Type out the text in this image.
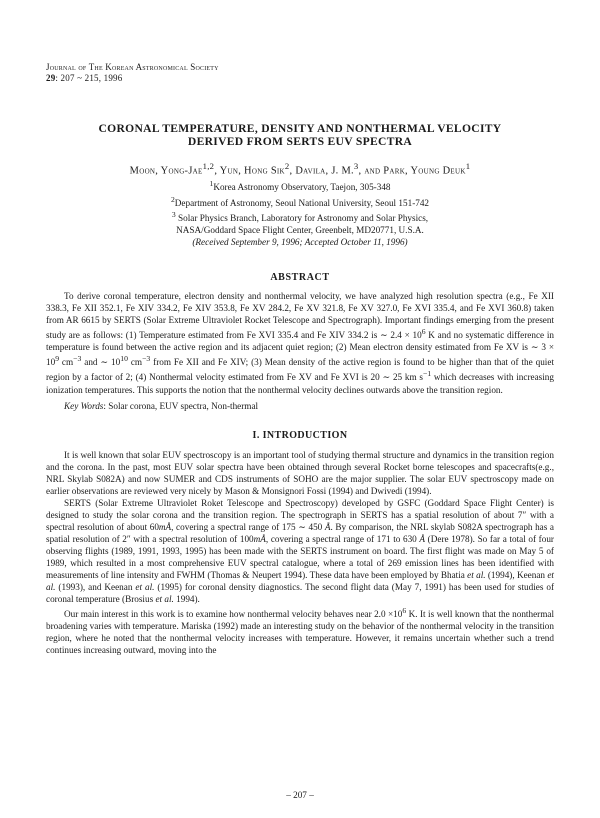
Journal of The Korean Astronomical Society
29: 207 ~ 215, 1996
CORONAL TEMPERATURE, DENSITY AND NONTHERMAL VELOCITY
DERIVED FROM SERTS EUV SPECTRA
Moon, Yong-Jae$^{1,2}$, Yun, Hong Sik$^2$, Davila, J. M.$^3$, and Park, Young Deuk$^1$
$^1$Korea Astronomy Observatory, Taejon, 305-348
$^2$Department of Astronomy, Seoul National University, Seoul 151-742
$^3$ Solar Physics Branch, Laboratory for Astronomy and Solar Physics,
NASA/Goddard Space Flight Center, Greenbelt, MD20771, U.S.A.
(Received September 9, 1996; Accepted October 11, 1996)
ABSTRACT
To derive coronal temperature, electron density and nonthermal velocity, we have analyzed high resolution spectra (e.g., Fe XII 338.3, Fe XII 352.1, Fe XIV 334.2, Fe XIV 353.8, Fe XV 284.2, Fe XV 321.8, Fe XV 327.0, Fe XVI 335.4, and Fe XVI 360.8) taken from AR 6615 by SERTS (Solar Extreme Ultraviolet Rocket Telescope and Spectrograph). Important findings emerging from the present study are as follows: (1) Temperature estimated from Fe XVI 335.4 and Fe XIV 334.2 is ∼ $2.4 \times 10^6$ K and no systematic difference in temperature is found between the active region and its adjacent quiet region; (2) Mean electron density estimated from Fe XV is ∼ $3 \times 10^9$ $cm^{-3}$ and ∼ $10^{10}$ $cm^{-3}$ from Fe XII and Fe XIV; (3) Mean density of the active region is found to be higher than that of the quiet region by a factor of 2; (4) Nonthermal velocity estimated from Fe XV and Fe XVI is 20 ∼ 25 km $s^{-1}$ which decreases with increasing ionization temperatures. This supports the notion that the nonthermal velocity declines outwards above the transition region.
Key Words: Solar corona, EUV spectra, Non-thermal
I. INTRODUCTION
It is well known that solar EUV spectroscopy is an important tool of studying thermal structure and dynamics in the transition region and the corona. In the past, most EUV solar spectra have been obtained through several Rocket borne telescopes and spacecrafts(e.g., NRL Skylab S082A) and now SUMER and CDS instruments of SOHO are the major supplier. The solar EUV spectroscopy made on earlier observations are reviewed very nicely by Mason & Monsignori Fossi (1994) and Dwivedi (1994).
SERTS (Solar Extreme Ultraviolet Roket Telescope and Spectroscopy) developed by GSFC (Goddard Space Flight Center) is designed to study the solar corona and the transition region. The spectrograph in SERTS has a spatial resolution of about 7″ with a spectral resolution of about 60mÅ, covering a spectral range of 175 ∼ 450 Å. By comparison, the NRL skylab S082A spectrograph has a spatial resolution of 2″ with a spectral resolution of 100mÅ, covering a spectral range of 171 to 630 Å (Dere 1978). So far a total of four observing flights (1989, 1991, 1993, 1995) has been made with the SERTS instrument on board. The first flight was made on May 5 of 1989, which resulted in a most comprehensive EUV spectral catalogue, where a total of 269 emission lines has been identified with measurements of line intensity and FWHM (Thomas & Neupert 1994). These data have been employed by Bhatia et al. (1994), Keenan et al. (1993), and Keenan et al. (1995) for coronal density diagnostics. The second flight data (May 7, 1991) has been used for studies of coronal temperature (Brosius et al. 1994).
Our main interest in this work is to examine how nonthermal velocity behaves near $2.0 \times 10^6$ K. It is well known that the nonthermal broadening varies with temperature. Mariska (1992) made an interesting study on the behavior of the nonthermal velocity in the transition region, where he noted that the nonthermal velocity increases with temperature. However, it remains uncertain whether such a trend continues increasing outward, moving into the
– 207 –
